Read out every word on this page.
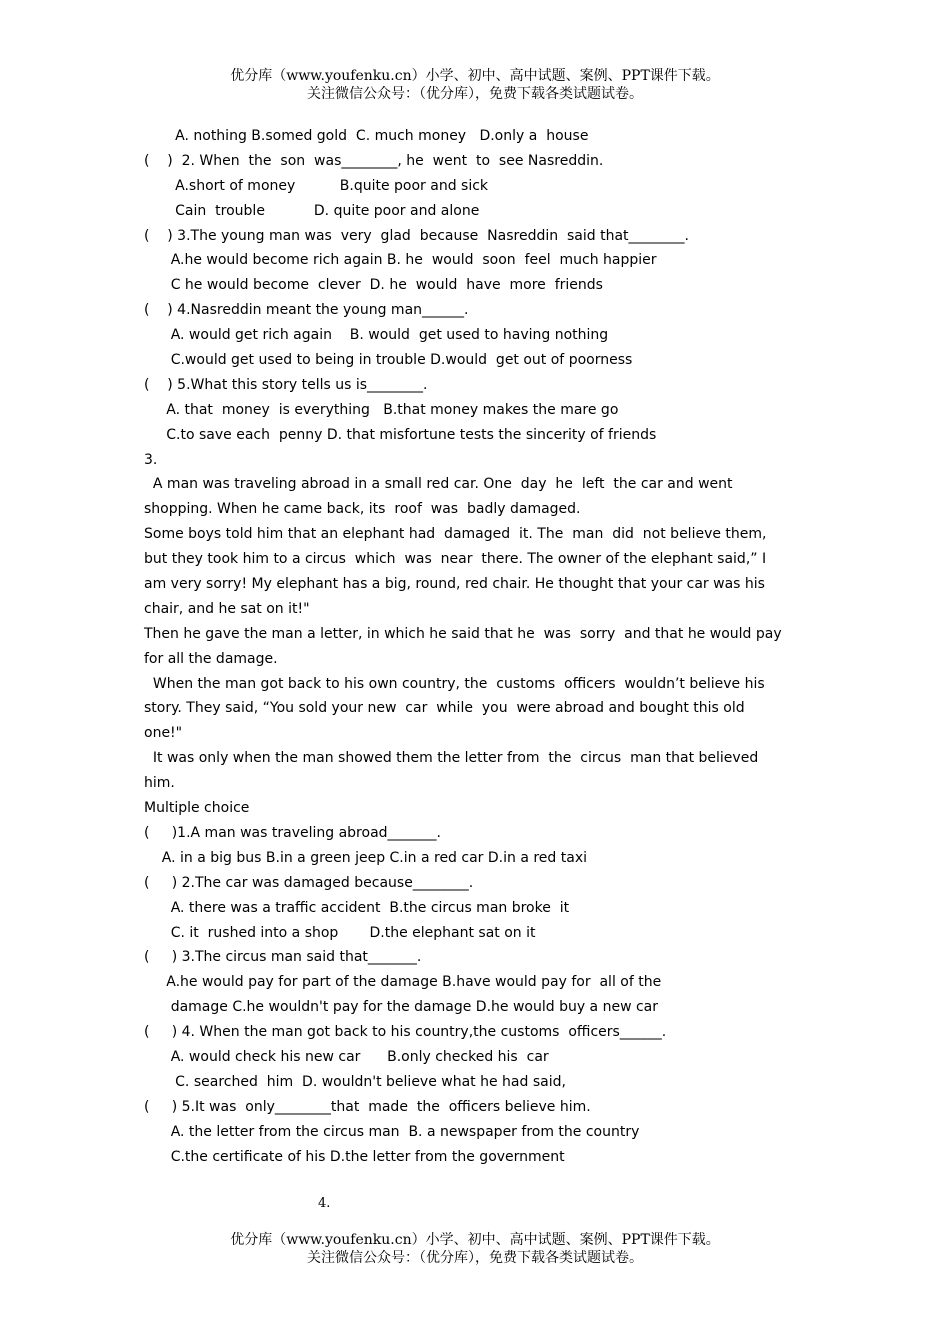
优分库（www.youfenku.cn）小学、初中、高中试题、案例、PPT课件下载。
关注微信公众号：（优分库），免费下载各类试题试卷。
A. nothing B.somed gold  C. much money   D.only a  house
(    )  2. When  the  son  was________, he  went  to  see Nasreddin.
A.short of money          B.quite poor and sick
Cain  trouble           D. quite poor and alone
(    ) 3.The young man was  very  glad  because  Nasreddin  said that________.
A.he would become rich again B. he  would  soon  feel  much happier
C he would become  clever  D. he  would  have  more  friends
(    ) 4.Nasreddin meant the young man______.
A. would get rich again    B. would  get used to having nothing
C.would get used to being in trouble D.would  get out of poorness
(    ) 5.What this story tells us is________.
A. that  money  is everything   B.that money makes the mare go
C.to save each  penny D. that misfortune tests the sincerity of friends
3.
A man was traveling abroad in a small red car. One  day  he  left  the car and went
shopping. When he came back, its  roof  was  badly damaged.
Some boys told him that an elephant had  damaged  it. The  man  did  not believe them,
but they took him to a circus  which  was  near  there. The owner of the elephant said,” I
am very sorry! My elephant has a big, round, red chair. He thought that your car was his
chair, and he sat on it!"
Then he gave the man a letter, in which he said that he  was  sorry  and that he would pay
for all the damage.
When the man got back to his own country, the  customs  officers  wouldn’t believe his
story. They said, “You sold your new  car  while  you  were abroad and bought this old
one!"
It was only when the man showed them the letter from  the  circus  man that believed
him.
Multiple choice
(     )1.A man was traveling abroad_______.
A. in a big bus B.in a green jeep C.in a red car D.in a red taxi
(     ) 2.The car was damaged because________.
A. there was a traffic accident  B.the circus man broke  it
C. it  rushed into a shop       D.the elephant sat on it
(     ) 3.The circus man said that_______.
A.he would pay for part of the damage B.have would pay for  all of the
damage C.he wouldn't pay for the damage D.he would buy a new car
(     ) 4. When the man got back to his country,the customs  officers______.
A. would check his new car      B.only checked his  car
C. searched  him  D. wouldn't believe what he had said,
(     ) 5.It was  only________that  made  the  officers believe him.
A. the letter from the circus man  B. a newspaper from the country
C.the certificate of his D.the letter from the government
4.
优分库（www.youfenku.cn）小学、初中、高中试题、案例、PPT课件下载。
关注微信公众号：（优分库），免费下载各类试题试卷。
